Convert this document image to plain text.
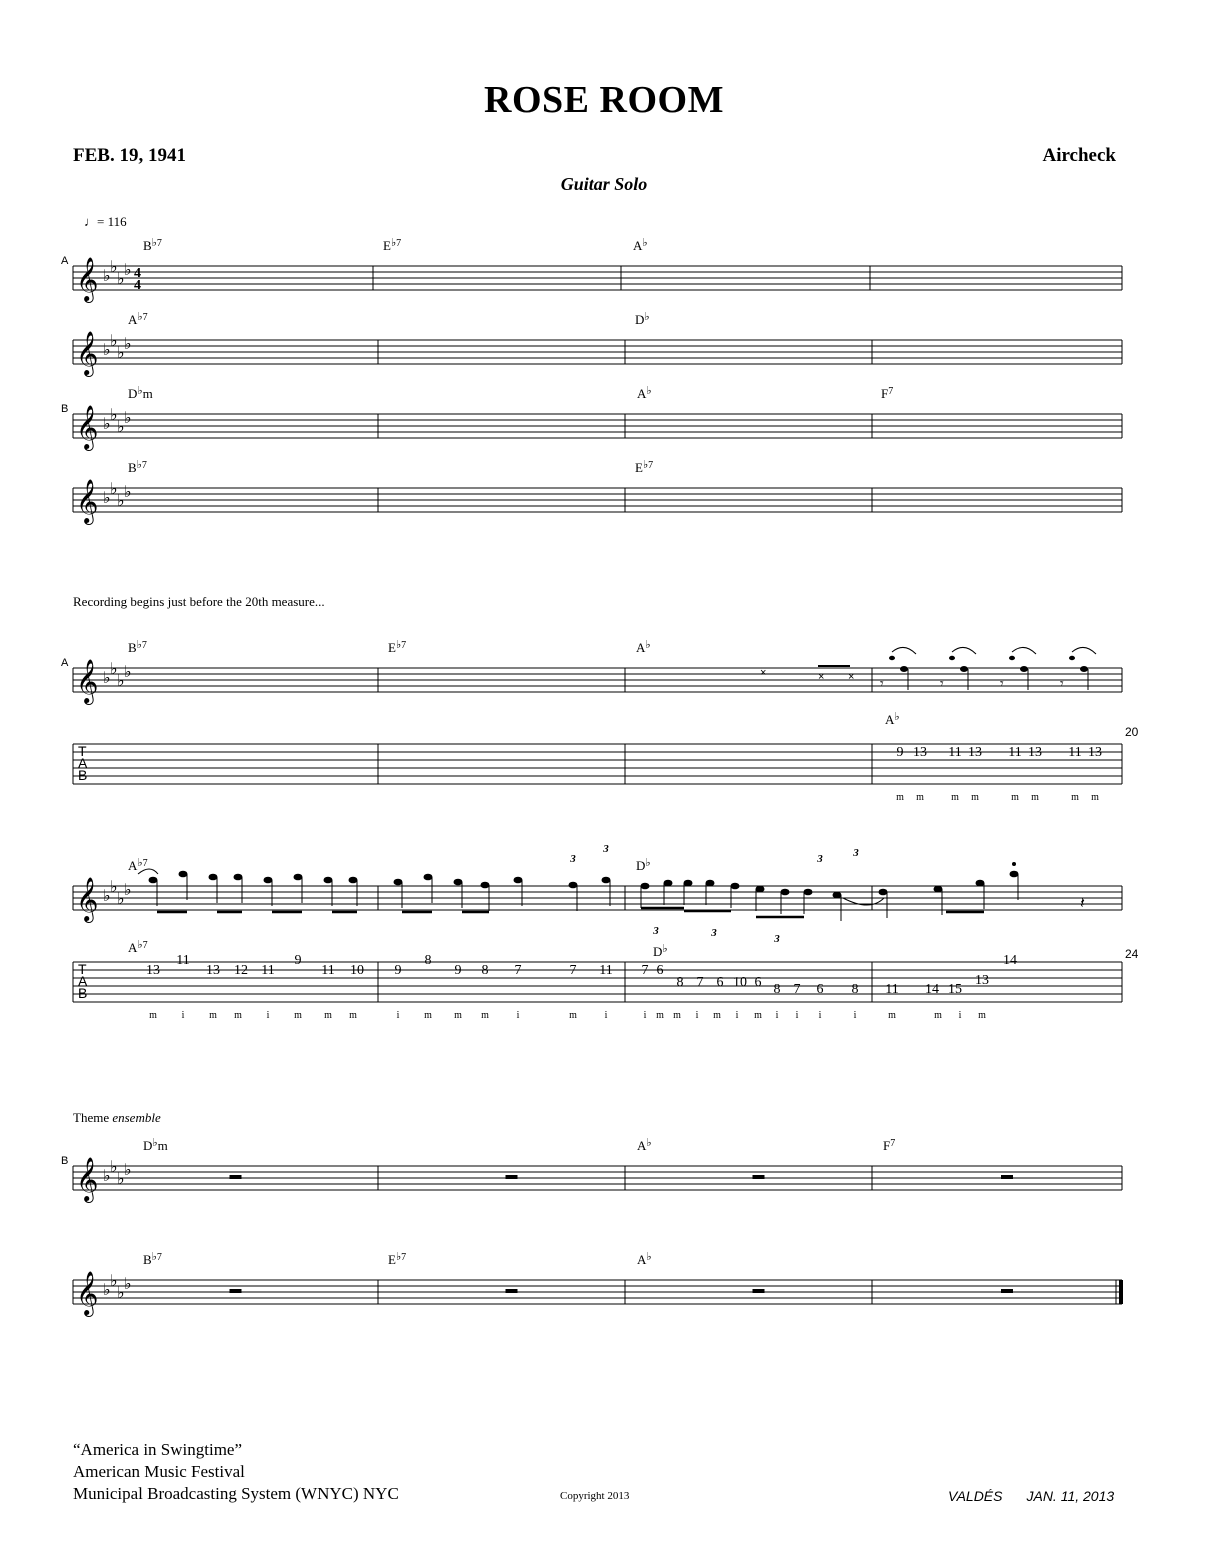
ROSE ROOM
FEB. 19, 1941	Aircheck
Guitar Solo
♩= 116
Recording begins just before the 20th measure...
Theme ensemble
𝄞 ♭
♭
♭
♭ 4
4
A
B♭7	E♭7	A♭
𝄞 ♭
♭
♭
♭
A♭7	D♭
𝄞 ♭
♭
♭
♭
B
D♭m	A♭	$F^7$
𝄞 ♭
♭
♭
♭
B♭7	E♭7
𝄞 ♭
♭
♭
♭
A
B♭7	E♭7	A♭
20
𝄞 ♭
♭
♭
♭
A♭7	D♭
24
𝄞 ♭
♭
♭
♭
B
D♭m	A♭	$F^7$
𝄞 ♭
♭
♭
♭
B♭7	E♭7	A♭
T
A
B
×	× × 𝄾	𝄾	𝄾	𝄾
A♭
9 13 11 13 11 13 11 13
m m	m m	m m	m m
T
A
B
𝄽
3
3
3	3	3
3	3
A♭7	D♭
11	9	8	14
13	13 12 11	11 10 9	9 8 7	7 11 7 6
13
8 7 6 10 6 8 7 6 8 11 14 15
m i m m i m m m	i m m m	i	m	i	i m m i m i m i i i	i	m	m i m
“America in Swingtime”
American Music Festival
Municipal Broadcasting System (WNYC) NYC	Copyright 2013	VALDÉS JAN. 11, 2013
